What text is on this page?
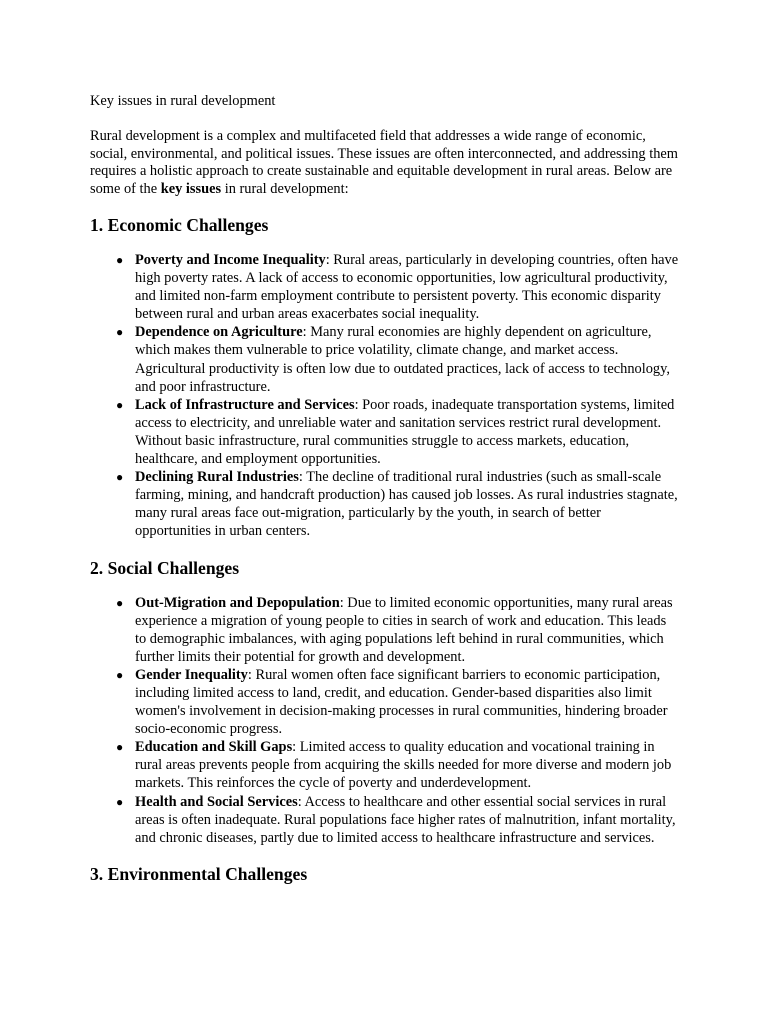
Key issues in rural development

Rural development is a complex and multifaceted field that addresses a wide range of economic, social, environmental, and political issues. These issues are often interconnected, and addressing them requires a holistic approach to create sustainable and equitable development in rural areas. Below are some of the key issues in rural development:

1. Economic Challenges
● Poverty and Income Inequality: Rural areas, particularly in developing countries, often have high poverty rates. A lack of access to economic opportunities, low agricultural productivity, and limited non-farm employment contribute to persistent poverty. This economic disparity between rural and urban areas exacerbates social inequality.
● Dependence on Agriculture: Many rural economies are highly dependent on agriculture, which makes them vulnerable to price volatility, climate change, and market access. Agricultural productivity is often low due to outdated practices, lack of access to technology, and poor infrastructure.
● Lack of Infrastructure and Services: Poor roads, inadequate transportation systems, limited access to electricity, and unreliable water and sanitation services restrict rural development. Without basic infrastructure, rural communities struggle to access markets, education, healthcare, and employment opportunities.
● Declining Rural Industries: The decline of traditional rural industries (such as small-scale farming, mining, and handcraft production) has caused job losses. As rural industries stagnate, many rural areas face out-migration, particularly by the youth, in search of better opportunities in urban centers.
2. Social Challenges
● Out-Migration and Depopulation: Due to limited economic opportunities, many rural areas experience a migration of young people to cities in search of work and education. This leads to demographic imbalances, with aging populations left behind in rural communities, which further limits their potential for growth and development.
● Gender Inequality: Rural women often face significant barriers to economic participation, including limited access to land, credit, and education. Gender-based disparities also limit women's involvement in decision-making processes in rural communities, hindering broader socio-economic progress.
● Education and Skill Gaps: Limited access to quality education and vocational training in rural areas prevents people from acquiring the skills needed for more diverse and modern job markets. This reinforces the cycle of poverty and underdevelopment.
● Health and Social Services: Access to healthcare and other essential social services in rural areas is often inadequate. Rural populations face higher rates of malnutrition, infant mortality, and chronic diseases, partly due to limited access to healthcare infrastructure and services.
3. Environmental Challenges
